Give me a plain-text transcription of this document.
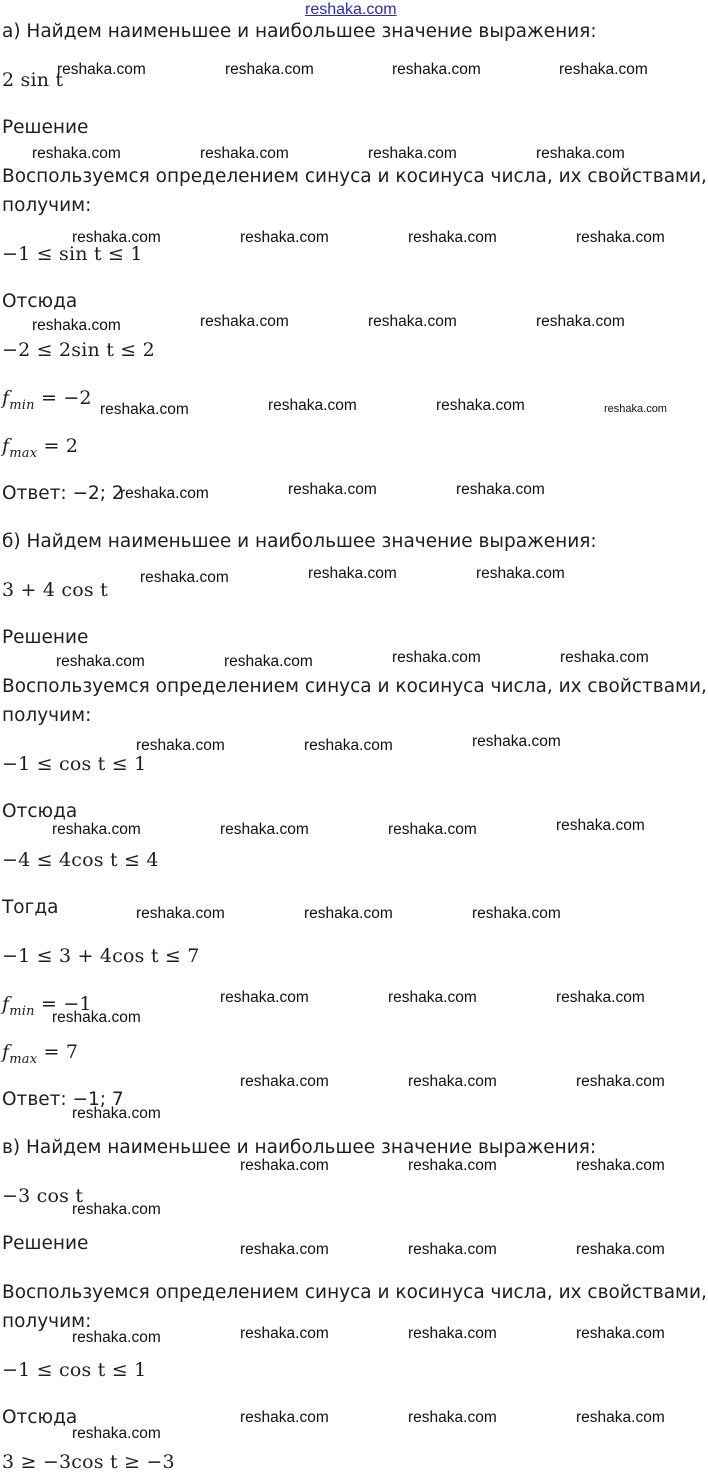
reshaka.com
а) Найдем наименьшее и наибольшее значение выражения:
2 sin t
Решение
Воспользуемся определением синуса и косинуса числа, их свойствами,
получим:
−1 ≤ sin t ≤ 1
Отсюда
−2 ≤ 2sin t ≤ 2
$f_{min} = -2$
$f_{max} = 2$
Ответ: −2; 2
б) Найдем наименьшее и наибольшее значение выражения:
3 + 4 cos t
Решение
Воспользуемся определением синуса и косинуса числа, их свойствами,
получим:
−1 ≤ cos t ≤ 1
Отсюда
−4 ≤ 4cos t ≤ 4
Тогда
−1 ≤ 3 + 4cos t ≤ 7
$f_{min} = -1$
$f_{max} = 7$
Ответ: −1; 7
в) Найдем наименьшее и наибольшее значение выражения:
−3 cos t
Решение
Воспользуемся определением синуса и косинуса числа, их свойствами,
получим:
−1 ≤ cos t ≤ 1
Отсюда
3 ≥ −3cos t ≥ −3
reshaka.com	reshaka.com	reshaka.com	reshaka.com
reshaka.com	reshaka.com	reshaka.com	reshaka.com
reshaka.com	reshaka.com	reshaka.com	reshaka.com
reshaka.com	reshaka.com	reshaka.com	reshaka.com
reshaka.com	reshaka.com	reshaka.com	reshaka.com
reshaka.com	reshaka.com	reshaka.com
reshaka.com	reshaka.com	reshaka.com
reshaka.com	reshaka.com	reshaka.com	reshaka.com
reshaka.com	reshaka.com	reshaka.com
reshaka.com	reshaka.com	reshaka.com	reshaka.com
reshaka.com	reshaka.com	reshaka.com
reshaka.com	reshaka.com	reshaka.com
reshaka.com
reshaka.com	reshaka.com	reshaka.com
reshaka.com
reshaka.com	reshaka.com	reshaka.com
reshaka.com
reshaka.com	reshaka.com	reshaka.com
reshaka.com	reshaka.com	reshaka.com	reshaka.com
reshaka.com
reshaka.com	reshaka.com	reshaka.com
